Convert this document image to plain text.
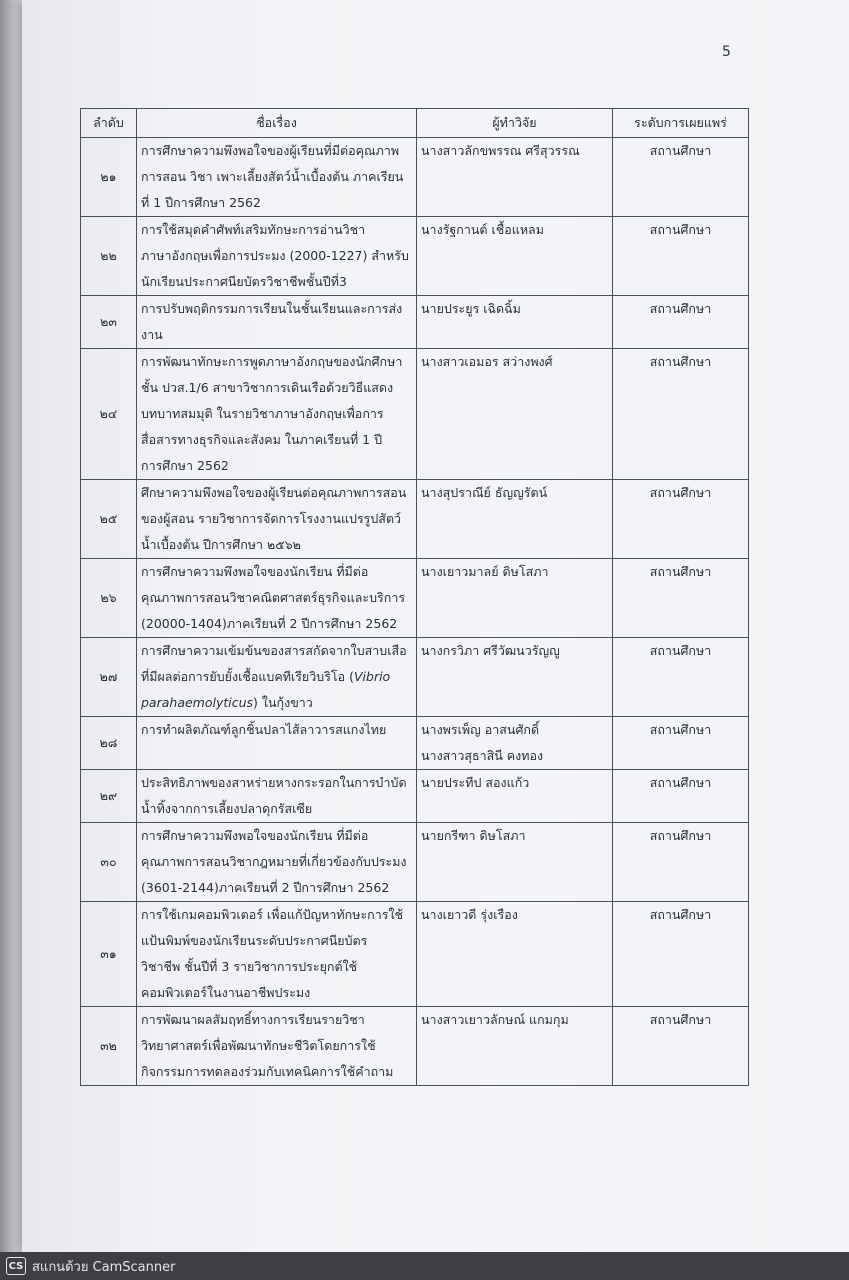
5
ลำดับ	ชื่อเรื่อง	ผู้ทำวิจัย	ระดับการเผยแพร่
๒๑	การศึกษาความพึงพอใจของผู้เรียนที่มีต่อคุณภาพ
การสอน วิชา เพาะเลี้ยงสัตว์น้ำเบื้องต้น ภาคเรียน
ที่ 1 ปีการศึกษา 2562	นางสาวลักขพรรณ ศรีสุวรรณ	สถานศึกษา
๒๒	การใช้สมุดคำศัพท์เสริมทักษะการอ่านวิชา
ภาษาอังกฤษเพื่อการประมง (2000-1227) สำหรับ
นักเรียนประกาศนียบัตรวิชาชีพชั้นปีที่3	นางรัฐกานต์ เชื้อแหลม	สถานศึกษา
๒๓	การปรับพฤติกรรมการเรียนในชั้นเรียนและการส่ง
งาน	นายประยูร เฉิดฉิ้ม	สถานศึกษา
๒๔	การพัฒนาทักษะการพูดภาษาอังกฤษของนักศึกษา
ชั้น ปวส.1/6 สาขาวิชาการเดินเรือด้วยวิธีแสดง
บทบาทสมมุติ ในรายวิชาภาษาอังกฤษเพื่อการ
สื่อสารทางธุรกิจและสังคม ในภาคเรียนที่ 1 ปี
การศึกษา 2562	นางสาวเอมอร สว่างพงศ์	สถานศึกษา
๒๕	ศึกษาความพึงพอใจของผู้เรียนต่อคุณภาพการสอน
ของผู้สอน รายวิชาการจัดการโรงงานแปรรูปสัตว์
น้ำเบื้องต้น ปีการศึกษา ๒๕๖๒	นางสุปราณีย์ ธัญญรัตน์	สถานศึกษา
๒๖	การศึกษาความพึงพอใจของนักเรียน ที่มีต่อ
คุณภาพการสอนวิชาคณิตศาสตร์ธุรกิจและบริการ
(20000-1404)ภาคเรียนที่ 2 ปีการศึกษา 2562	นางเยาวมาลย์ ดิษโสภา	สถานศึกษา
๒๗	การศึกษาความเข้มข้นของสารสกัดจากใบสาบเสือ
ที่มีผลต่อการยับยั้งเชื้อแบคทีเรียวิบริโอ (Vibrio
parahaemolyticus) ในกุ้งขาว	นางกรวิภา ศรีวัฒนวรัญญู	สถานศึกษา
๒๘	การทำผลิตภัณฑ์ลูกชิ้นปลาไส้ลาวารสแกงไทย	นางพรเพ็ญ อาสนศักดิ์
นางสาวสุธาสินี คงทอง	สถานศึกษา
๒๙	ประสิทธิภาพของสาหร่ายหางกระรอกในการบำบัด
น้ำทิ้งจากการเลี้ยงปลาดุกรัสเซีย	นายประทีป สองแก้ว	สถานศึกษา
๓๐	การศึกษาความพึงพอใจของนักเรียน ที่มีต่อ
คุณภาพการสอนวิชากฎหมายที่เกี่ยวข้องกับประมง
(3601-2144)ภาคเรียนที่ 2 ปีการศึกษา 2562	นายกรีฑา ดิษโสภา	สถานศึกษา
๓๑	การใช้เกมคอมพิวเตอร์ เพื่อแก้ปัญหาทักษะการใช้
แป้นพิมพ์ของนักเรียนระดับประกาศนียบัตร
วิชาชีพ ชั้นปีที่ 3 รายวิชาการประยุกต์ใช้
คอมพิวเตอร์ในงานอาชีพประมง	นางเยาวดี รุ่งเรือง	สถานศึกษา
๓๒	การพัฒนาผลสัมฤทธิ์ทางการเรียนรายวิชา
วิทยาศาสตร์เพื่อพัฒนาทักษะชีวิตโดยการใช้
กิจกรรมการทดลองร่วมกับเทคนิคการใช้คำถาม	นางสาวเยาวลักษณ์ แกมกุม	สถานศึกษา
CS สแกนด้วย CamScanner
